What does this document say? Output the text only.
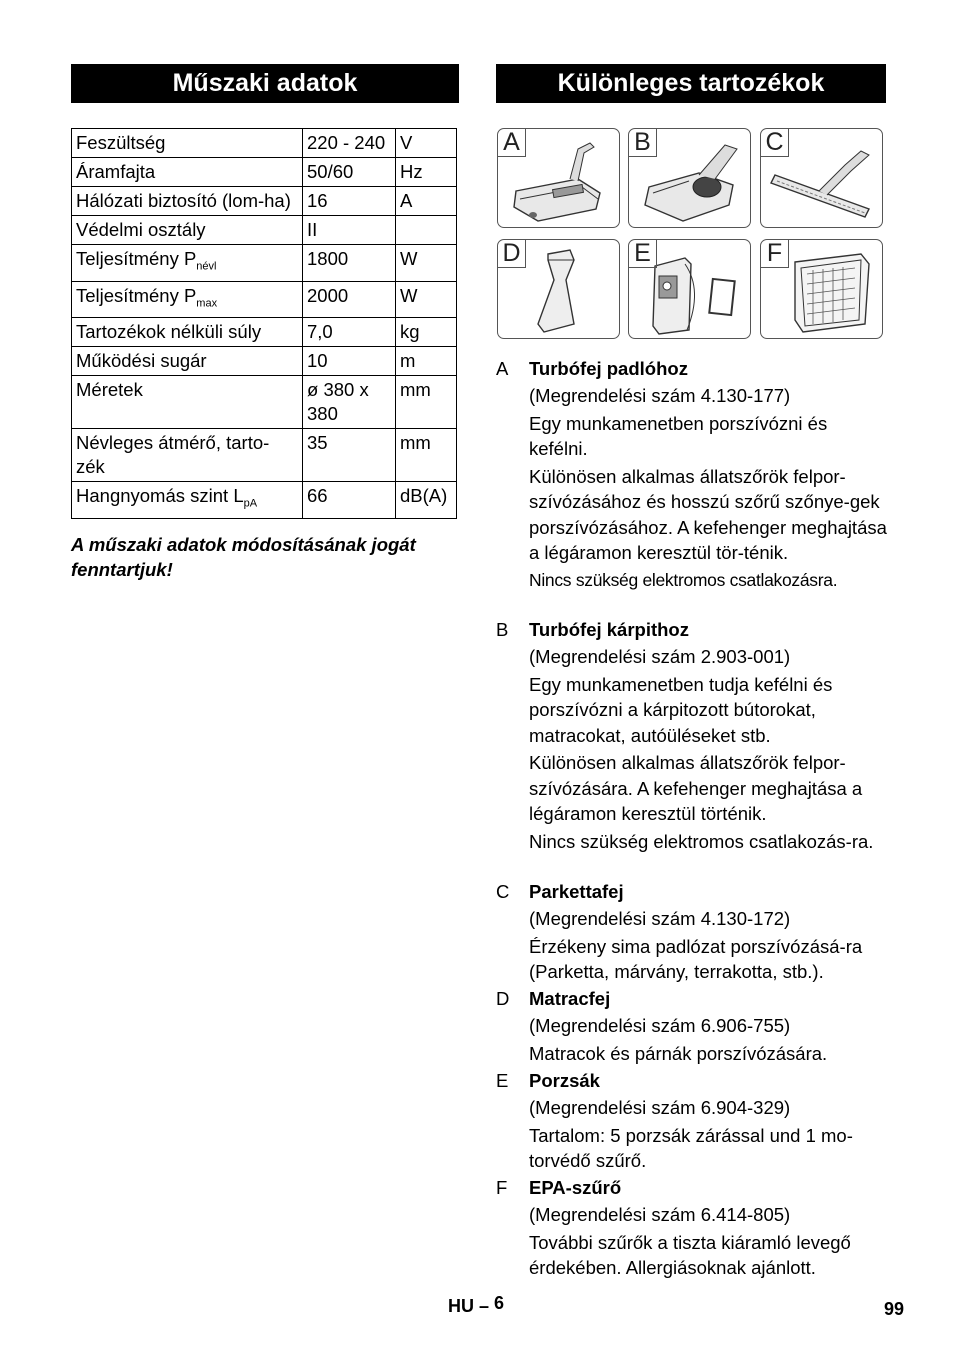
Műszaki adatok	Különleges tartozékok
Feszültség	220 - 240	V
Áramfajta	50/60	Hz
Hálózati biztosító (lom-ha)	16	A
Védelmi osztály	II	
Teljesítmény $P_{névl}$	1800	W
Teljesítmény $P_{max}$	2000	W
Tartozékok nélküli súly	7,0	kg
Működési sugár	10	m
Méretek	ø 380 x 380	mm
Névleges átmérő, tarto-zék	35	mm
Hangnyomás szint $L_{pA}$	66	dB(A)
A műszaki adatok módosításának jogát fenntartjuk!
A	B	C
D	E	F
A	Turbófej padlóhoz

(Megrendelési szám 4.130-177)

Egy munkamenetben porszívózni és kefélni.

Különösen alkalmas állatszőrök felpor-szívózásához és hosszú szőrű szőnye-gek porszívózásához. A kefehenger meghajtása a légáramon keresztül tör-ténik.

Nincs szükség elektromos csatlakozásra.

B	Turbófej kárpithoz

(Megrendelési szám 2.903-001)

Egy munkamenetben tudja kefélni és porszívózni a kárpitozott bútorokat, matracokat, autóüléseket stb.

Különösen alkalmas állatszőrök felpor-szívózására. A kefehenger meghajtása a légáramon keresztül történik.

Nincs szükség elektromos csatlakozás-ra.

C	Parkettafej

(Megrendelési szám 4.130-172)

Érzékeny sima padlózat porszívózásá-ra (Parketta, márvány, terrakotta, stb.).

D	Matracfej

(Megrendelési szám 6.906-755)

Matracok és párnák porszívózására.

E	Porzsák

(Megrendelési szám 6.904-329)

Tartalom: 5 porzsák zárással und 1 mo-torvédő szűrő.

F	EPA-szűrő

(Megrendelési szám 6.414-805)

További szűrők a tiszta kiáramló levegő érdekében. Allergiásoknak ajánlott.

HU – 6	99
